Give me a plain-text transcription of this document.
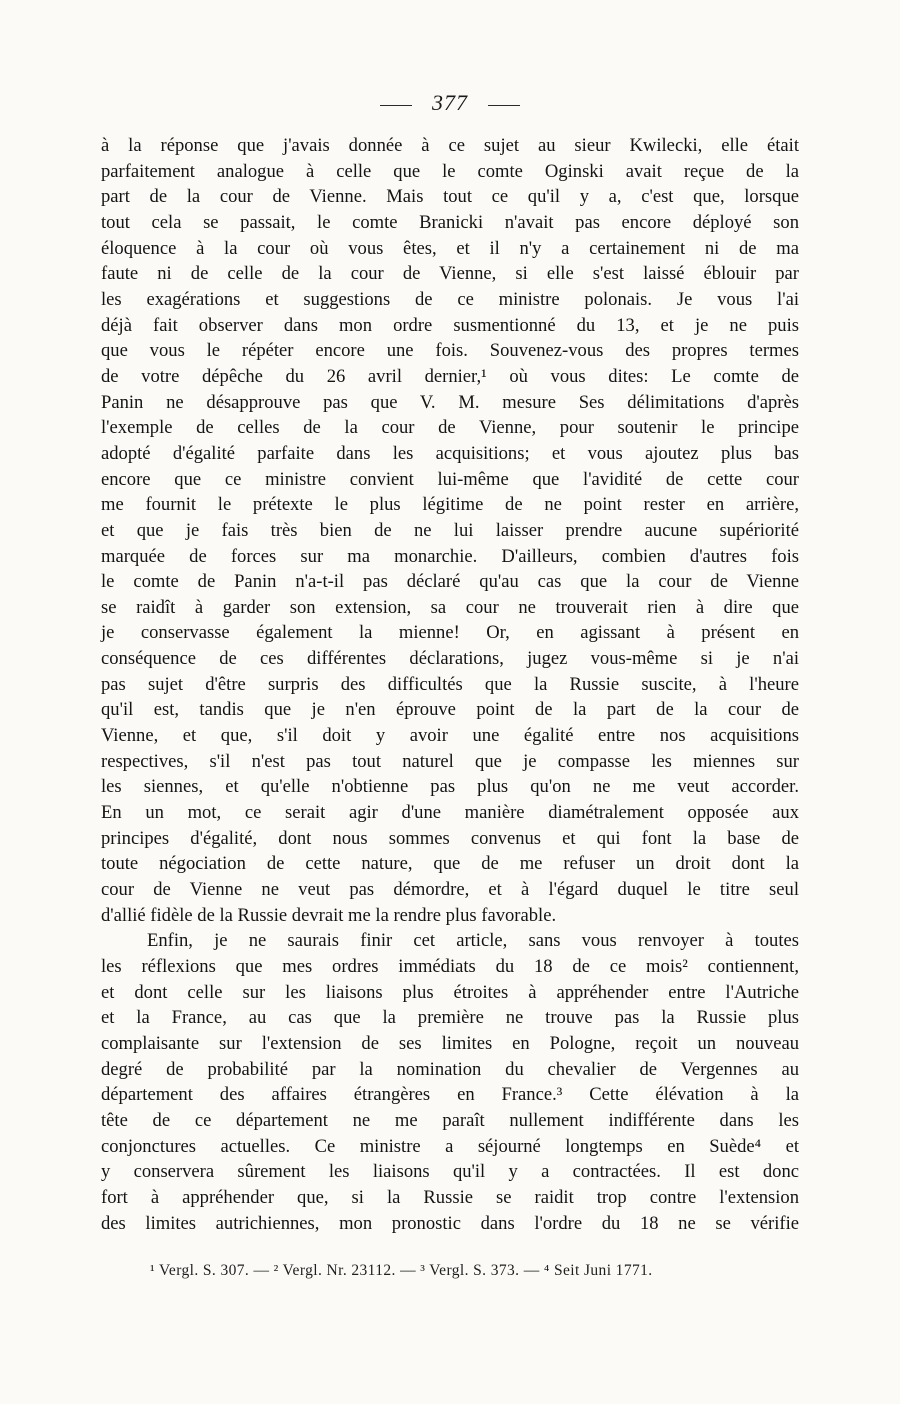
377
à la réponse que j'avais donnée à ce sujet au sieur Kwilecki, elle était
parfaitement analogue à celle que le comte Oginski avait reçue de la
part de la cour de Vienne. Mais tout ce qu'il y a, c'est que, lorsque
tout cela se passait, le comte Branicki n'avait pas encore déployé son
éloquence à la cour où vous êtes, et il n'y a certainement ni de ma
faute ni de celle de la cour de Vienne, si elle s'est laissé éblouir par
les exagérations et suggestions de ce ministre polonais. Je vous l'ai
déjà fait observer dans mon ordre susmentionné du 13, et je ne puis
que vous le répéter encore une fois. Souvenez-vous des propres termes
de votre dépêche du 26 avril dernier,¹ où vous dites: Le comte de
Panin ne désapprouve pas que V. M. mesure Ses délimitations d'après
l'exemple de celles de la cour de Vienne, pour soutenir le principe
adopté d'égalité parfaite dans les acquisitions; et vous ajoutez plus bas
encore que ce ministre convient lui-même que l'avidité de cette cour
me fournit le prétexte le plus légitime de ne point rester en arrière,
et que je fais très bien de ne lui laisser prendre aucune supériorité
marquée de forces sur ma monarchie. D'ailleurs, combien d'autres fois
le comte de Panin n'a-t-il pas déclaré qu'au cas que la cour de Vienne
se raidît à garder son extension, sa cour ne trouverait rien à dire que
je conservasse également la mienne! Or, en agissant à présent en
conséquence de ces différentes déclarations, jugez vous-même si je n'ai
pas sujet d'être surpris des difficultés que la Russie suscite, à l'heure
qu'il est, tandis que je n'en éprouve point de la part de la cour de
Vienne, et que, s'il doit y avoir une égalité entre nos acquisitions
respectives, s'il n'est pas tout naturel que je compasse les miennes sur
les siennes, et qu'elle n'obtienne pas plus qu'on ne me veut accorder.
En un mot, ce serait agir d'une manière diamétralement opposée aux
principes d'égalité, dont nous sommes convenus et qui font la base de
toute négociation de cette nature, que de me refuser un droit dont la
cour de Vienne ne veut pas démordre, et à l'égard duquel le titre seul
d'allié fidèle de la Russie devrait me la rendre plus favorable.
Enfin, je ne saurais finir cet article, sans vous renvoyer à toutes
les réflexions que mes ordres immédiats du 18 de ce mois² contiennent,
et dont celle sur les liaisons plus étroites à appréhender entre l'Autriche
et la France, au cas que la première ne trouve pas la Russie plus
complaisante sur l'extension de ses limites en Pologne, reçoit un nouveau
degré de probabilité par la nomination du chevalier de Vergennes au
département des affaires étrangères en France.³ Cette élévation à la
tête de ce département ne me paraît nullement indifférente dans les
conjonctures actuelles. Ce ministre a séjourné longtemps en Suède⁴ et
y conservera sûrement les liaisons qu'il y a contractées. Il est donc
fort à appréhender que, si la Russie se raidit trop contre l'extension
des limites autrichiennes, mon pronostic dans l'ordre du 18 ne se vérifie
¹ Vergl. S. 307. — ² Vergl. Nr. 23112. — ³ Vergl. S. 373. — ⁴ Seit Juni 1771.
